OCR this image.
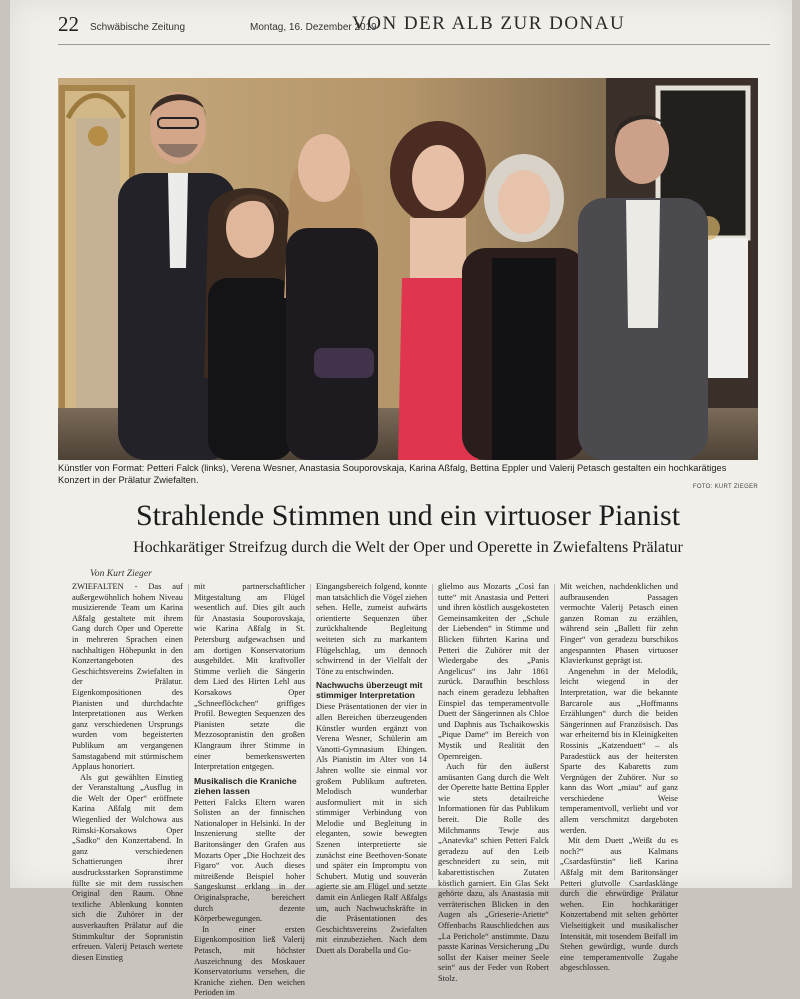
22 Schwäbische Zeitung	Montag, 16. Dezember 2019
VON DER ALB ZUR DONAU
Künstler von Format: Petteri Falck (links), Verena Wesner, Anastasia Souporovskaja, Karina Aßfalg, Bettina Eppler und Valerij Petasch gestalten ein hochkarätiges Konzert in der Prälatur Zwiefalten.
FOTO: KURT ZIEGER
Strahlende Stimmen und ein virtuoser Pianist
Hochkarätiger Streifzug durch die Welt der Oper und Operette in Zwiefaltens Prälatur
Von Kurt Zieger

ZWIEFALTEN - Das auf außergewöhnlich hohem Niveau musizierende Team um Karina Aßfalg gestaltete mit ihrem Gang durch Oper und Operette in mehreren Sprachen einen nachhaltigen Höhepunkt in den Konzertangeboten des Geschichtsvereins Zwiefalten in der Prälatur. Eigenkompositionen des Pianisten und durchdachte Interpretationen aus Werken ganz verschiedenen Ursprungs wurden vom begeisterten Publikum am vergangenen Samstagabend mit stürmischem Applaus honoriert.

Als gut gewählten Einstieg der Veranstaltung „Ausflug in die Welt der Oper“ eröffnete Karina Aßfalg mit dem Wiegenlied der Wolchowa aus Rimski-Korsakows Oper „Sadko“ den Konzertabend. In ganz verschiedenen Schattierungen ihrer ausdrucksstarken Sopranstimme füllte sie mit dem russischen Original den Raum. Ohne textliche Ablenkung konnten sich die Zuhörer in der ausverkauften Prälatur auf die Stimmkultur der Sopranistin erfreuen. Valerij Petasch wertete diesen Einstieg

mit partnerschaftlicher Mitgestaltung am Flügel wesentlich auf. Dies gilt auch für Anastasia Souporovskaja, wie Karina Aßfalg in St. Petersburg aufgewachsen und am dortigen Konservatorium ausgebildet. Mit kraftvoller Stimme verlieh die Sängerin dem Lied des Hirten Lehl aus Korsakows Oper „Schneeflöckchen“ griffiges Profil. Bewegten Sequenzen des Pianisten setzte die Mezzosopranistin den großen Klangraum ihrer Stimme in einer bemerkenswerten Interpretation entgegen.

Musikalisch die Kraniche ziehen lassen

Petteri Falcks Eltern waren Solisten an der finnischen Nationaloper in Helsinki. In der Inszenierung stellte der Baritonsänger den Grafen aus Mozarts Oper „Die Hochzeit des Figaro“ vor. Auch dieses mitreißende Beispiel hoher Sangeskunst erklang in der Originalsprache, bereichert durch dezente Körperbewegungen.

In einer ersten Eigenkomposition ließ Valerij Petasch, mit höchster Auszeichnung des Moskauer Konservatoriums versehen, die Kraniche ziehen. Den weichen Perioden im

Eingangsbereich folgend, konnte man tatsächlich die Vögel ziehen sehen. Helle, zumeist aufwärts orientierte Sequenzen über zurückhaltende Begleitung weiteten sich zu markantem Flügelschlag, um dennoch schwirrend in der Vielfalt der Töne zu entschwinden.

Nachwuchs überzeugt mit stimmiger Interpretation

Diese Präsentationen der vier in allen Bereichen überzeugenden Künstler wurden ergänzt von Verena Wesner, Schülerin am Vanotti-Gymnasium Ehingen. Als Pianistin im Alter von 14 Jahren wollte sie einmal vor großem Publikum auftreten. Melodisch wunderbar ausformuliert mit in sich stimmiger Verbindung von Melodie und Begleitung in eleganten, sowie bewegten Szenen interpretierte sie zunächst eine Beethoven-Sonate und später ein Impromptu von Schubert. Mutig und souverän agierte sie am Flügel und setzte damit ein Anliegen Ralf Aßfalgs um, auch Nachwuchskräfte in die Präsentationen des Geschichtsvereins Zwiefalten mit einzubeziehen. Nach dem Duett als Dorabella und Gu-

glielmo aus Mozarts „Così fan tutte“ mit Anastasia und Petteri und ihren köstlich ausgekosteten Gemeinsamkeiten der „Schule der Liebenden“ in Stimme und Blicken führten Karina und Petteri die Zuhörer mit der Wiedergabe des „Panis Angelicus“ ins Jahr 1861 zurück. Daraufhin beschloss nach einem geradezu lebhaften Einspiel das temperamentvolle Duett der Sängerinnen als Chloe und Daphnis aus Tschaikowskis „Pique Dame“ im Bereich von Mystik und Realität den Opernreigen.

Auch für den äußerst amüsanten Gang durch die Welt der Operette hatte Bettina Eppler wie stets detailreiche Informationen für das Publikum bereit. Die Rolle des Milchmanns Tewje aus „Anatevka“ schien Petteri Falck geradezu auf den Leib geschneidert zu sein, mit kabarettistischen Zutaten köstlich garniert. Ein Glas Sekt gehörte dazu, als Anastasia mit verräterischen Blicken in den Augen als „Grieserie-Ariette“ Offenbachs Rauschliedchen aus „La Perichole“ anstimmte. Dazu passte Karinas Versicherung „Du sollst der Kaiser meiner Seele sein“ aus der Feder von Robert Stolz.

Mit weichen, nachdenklichen und aufbrausenden Passagen vermochte Valerij Petasch einen ganzen Roman zu erzählen, während sein „Ballett für zehn Finger“ von geradezu burschikos angespannten Phasen virtuoser Klavierkunst geprägt ist.

Angenehm in der Melodik, leicht wiegend in der Interpretation, war die bekannte Barcarole aus „Hoffmanns Erzählungen“ durch die beiden Sängerinnen auf Französisch. Das war erheiternd bis in Kleinigkeiten Rossinis „Katzenduett“ – als Paradestück aus der heitersten Sparte des Kabaretts zum Vergnügen der Zuhörer. Nur so kann das Wort „miau“ auf ganz verschiedene Weise temperamentvoll, verliebt und vor allem verschmitzt dargeboten werden.

Mit dem Duett „Weißt du es noch?“ aus Kalmans „Csardasfürstin“ ließ Karina Aßfalg mit dem Baritonsänger Petteri glutvolle Csardasklänge durch die ehrwürdige Prälatur wehen. Ein hochkarätiger Konzertabend mit selten gehörter Vielseitigkeit und musikalischer Intensität, mit tosendem Beifall im Stehen gewürdigt, wurde durch eine temperamentvolle Zugabe abgeschlossen.
